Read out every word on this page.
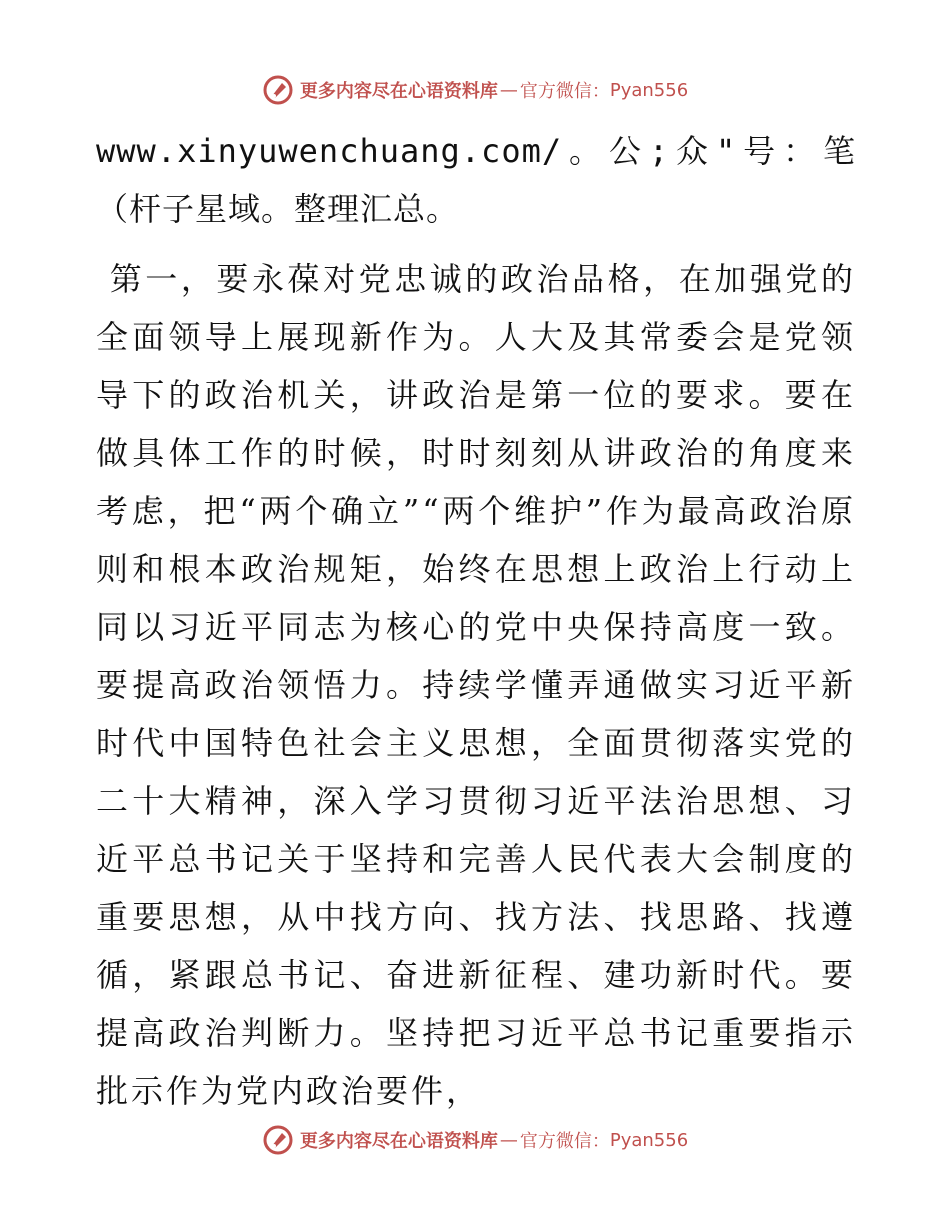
更多内容尽在心语资料库 — 官方微信： Pyan556

www.xinyuwenchuang.com/。公;众"号：笔（杆子星域。整理汇总。

第一，要永葆对党忠诚的政治品格，在加强党的全面领导上展现新作为。人大及其常委会是党领导下的政治机关，讲政治是第一位的要求。要在做具体工作的时候，时时刻刻从讲政治的角度来考虑，把“两个确立”“两个维护”作为最高政治原则和根本政治规矩，始终在思想上政治上行动上同以习近平同志为核心的党中央保持高度一致。要提高政治领悟力。持续学懂弄通做实习近平新时代中国特色社会主义思想，全面贯彻落实党的二十大精神，深入学习贯彻习近平法治思想、习近平总书记关于坚持和完善人民代表大会制度的重要思想，从中找方向、找方法、找思路、找遵循，紧跟总书记、奋进新征程、建功新时代。要提高政治判断力。坚持把习近平总书记重要指示批示作为党内政治要件，

更多内容尽在心语资料库 — 官方微信： Pyan556
